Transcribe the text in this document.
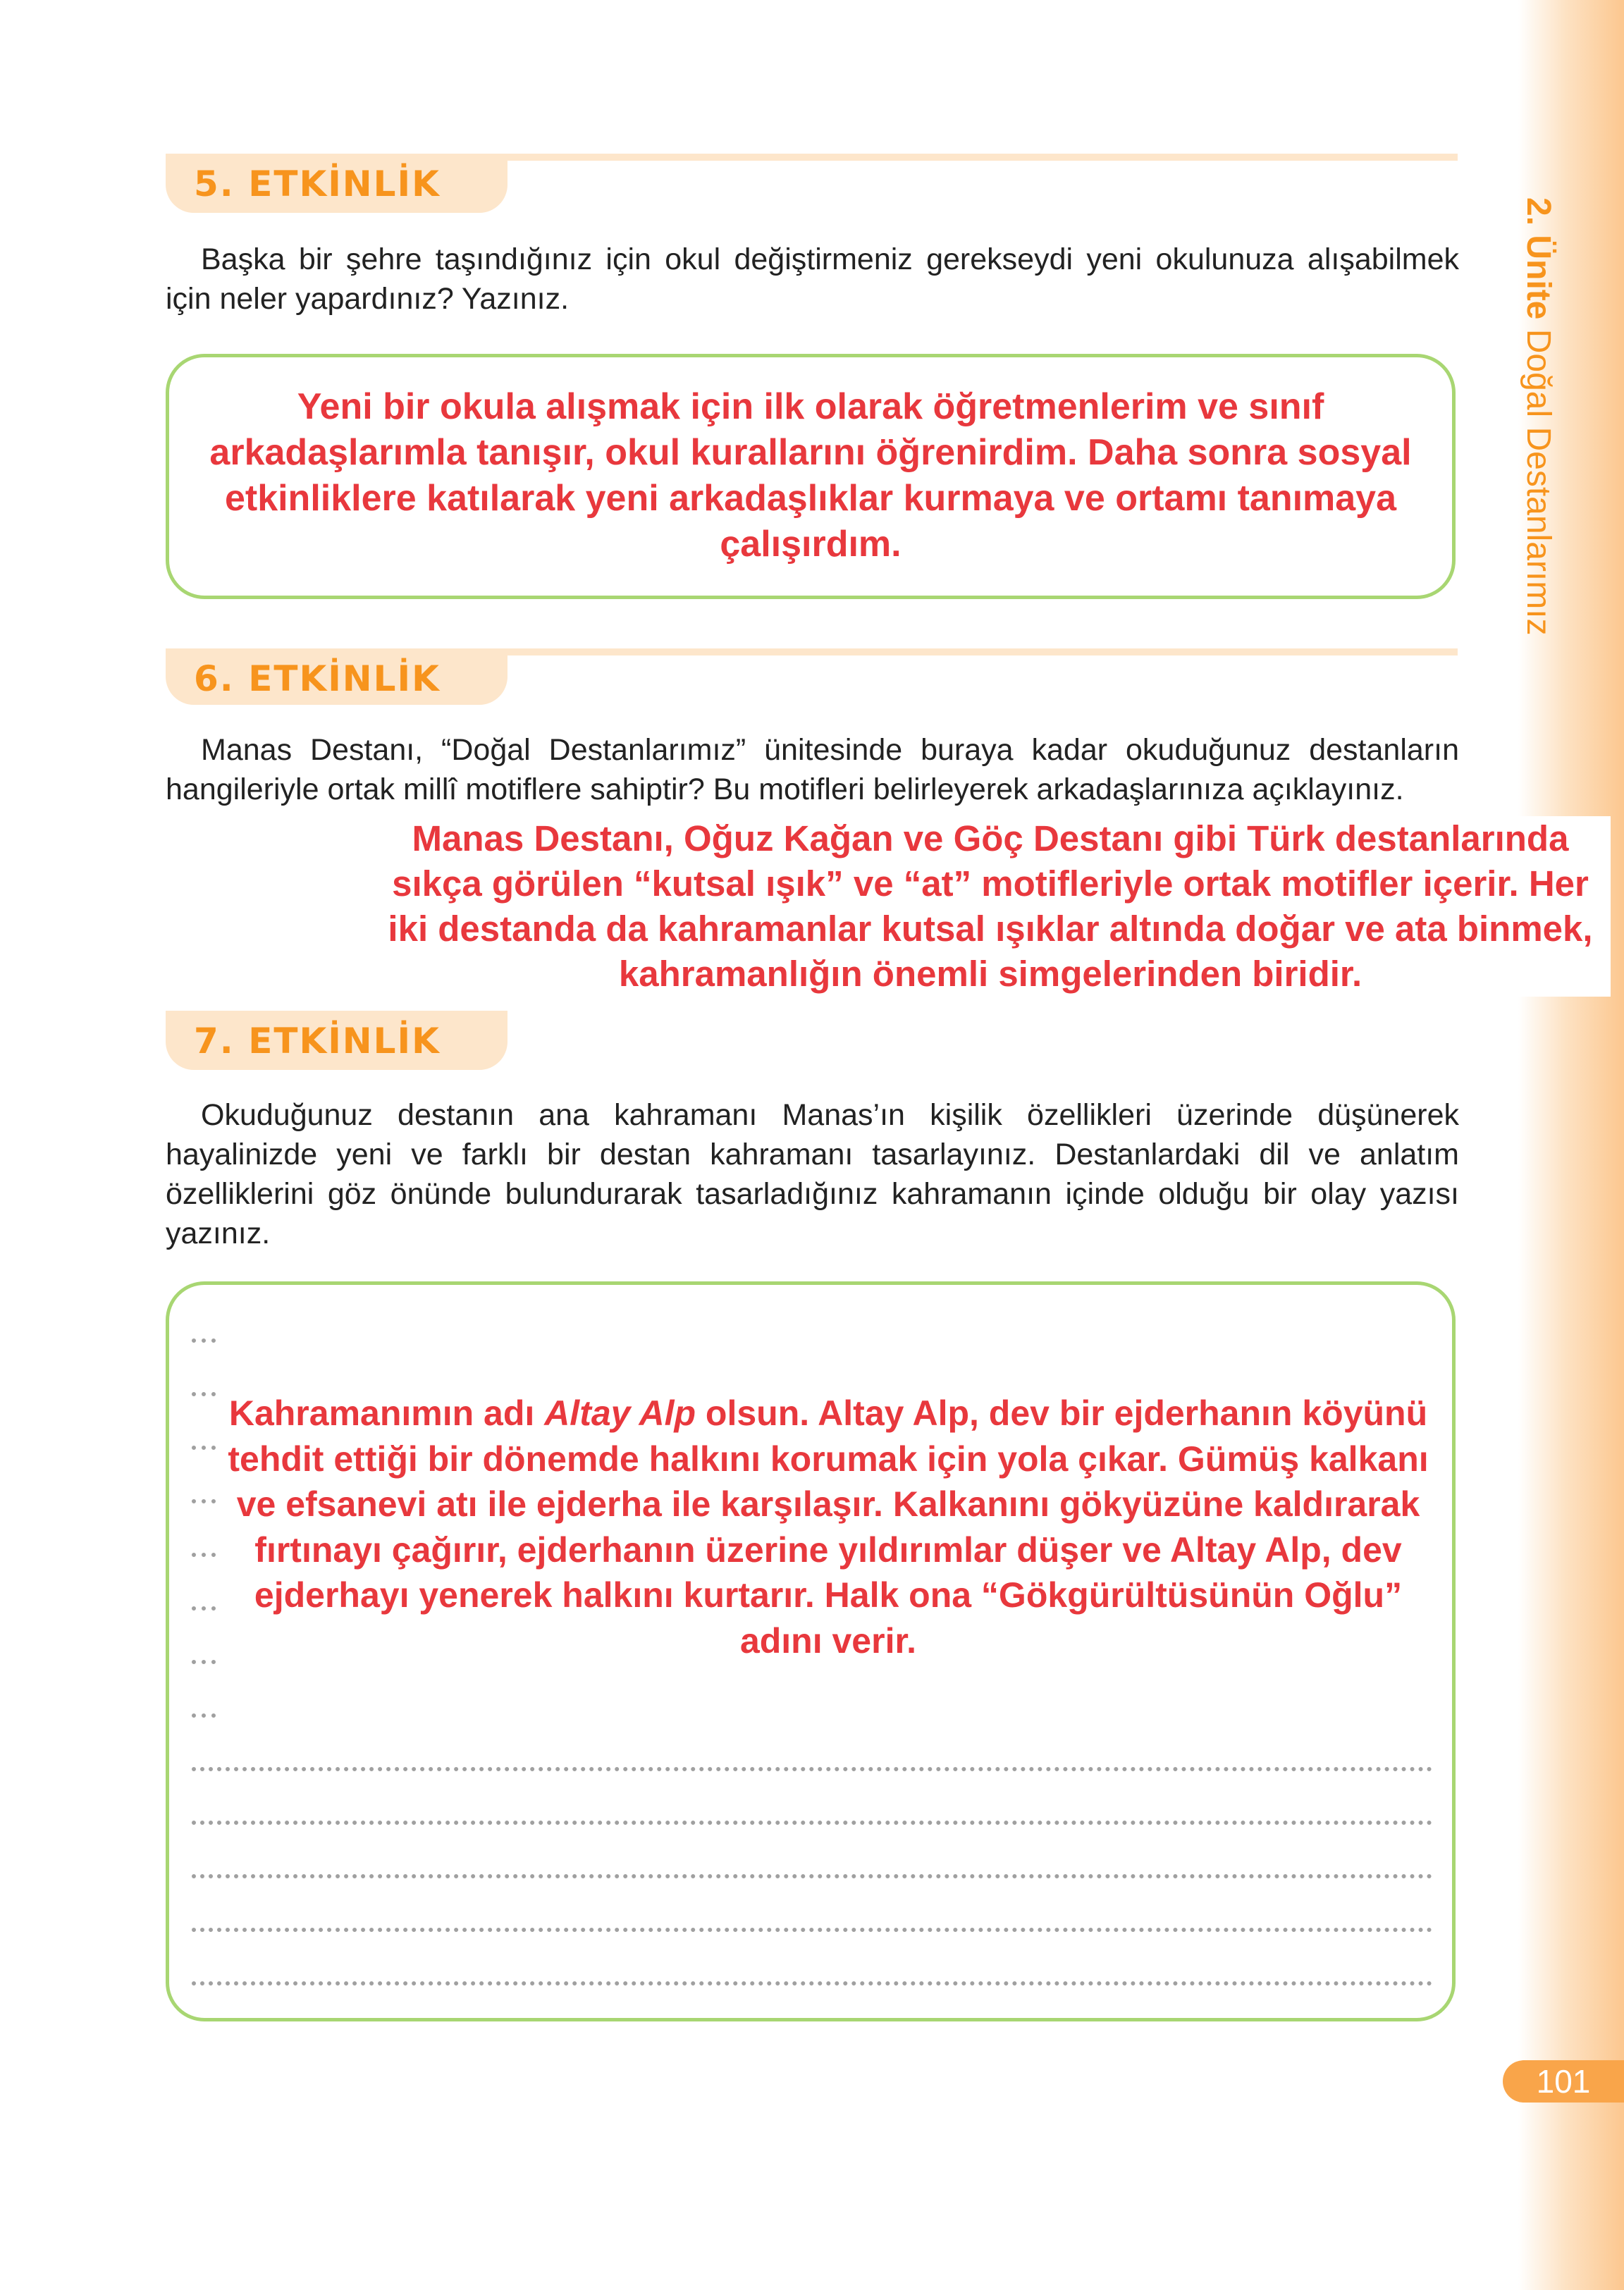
2. Ünite Doğal Destanlarımız
5. ETKİNLİK
Başka bir şehre taşındığınız için okul değiştirmeniz gerekseydi yeni okulunuza alışabilmek için neler yapardınız? Yazınız.
Yeni bir okula alışmak için ilk olarak öğretmenlerim ve sınıf arkadaşlarımla tanışır, okul kurallarını öğrenirdim. Daha sonra sosyal etkinliklere katılarak yeni arkadaşlıklar kurmaya ve ortamı tanımaya çalışırdım.
6. ETKİNLİK
Manas Destanı, “Doğal Destanlarımız” ünitesinde buraya kadar okuduğunuz destanların hangileriyle ortak millî motiflere sahiptir? Bu motifleri belirleyerek arkadaşlarınıza açıklayınız.
Manas Destanı, Oğuz Kağan ve Göç Destanı gibi Türk destanlarında sıkça görülen “kutsal ışık” ve “at” motifleriyle ortak motifler içerir. Her iki destanda da kahramanlar kutsal ışıklar altında doğar ve ata binmek, kahramanlığın önemli simgelerinden biridir.
7. ETKİNLİK
Okuduğunuz destanın ana kahramanı Manas’ın kişilik özellikleri üzerinde düşünerek hayalinizde yeni ve farklı bir destan kahramanı tasarlayınız. Destanlardaki dil ve anlatım özelliklerini göz önünde bulundurarak tasarladığınız kahramanın içinde olduğu bir olay yazısı yazınız.
Kahramanımın adı Altay Alp olsun. Altay Alp, dev bir ejderhanın köyünü tehdit ettiği bir dönemde halkını korumak için yola çıkar. Gümüş kalkanı ve efsanevi atı ile ejderha ile karşılaşır. Kalkanını gökyüzüne kaldırarak fırtınayı çağırır, ejderhanın üzerine yıldırımlar düşer ve Altay Alp, dev ejderhayı yenerek halkını kurtarır. Halk ona “Gökgürültüsünün Oğlu” adını verir.
101
